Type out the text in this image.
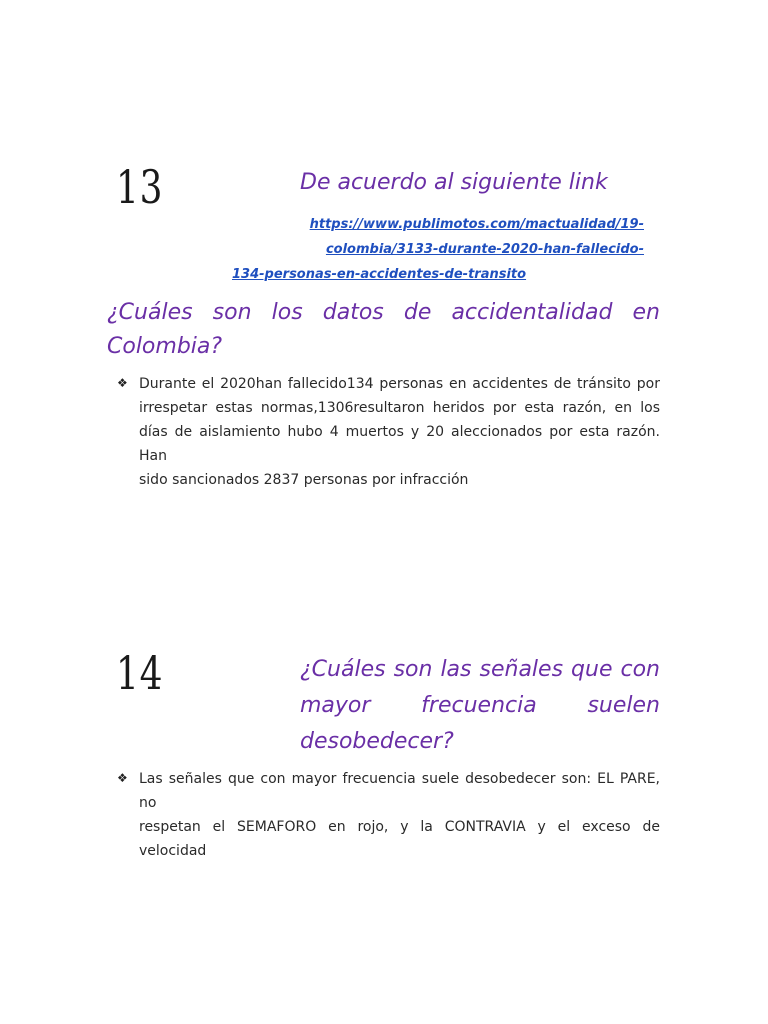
13	De acuerdo al siguiente link
https://www.publimotos.com/mactualidad/19-
colombia/3133-durante-2020-han-fallecido-
134-personas-en-accidentes-de-transito
¿Cuáles son los datos de accidentalidad en
Colombia?
❖ Durante el 2020han fallecido134 personas en accidentes de tránsito por
irrespetar estas normas,1306resultaron heridos por esta razón, en los
días de aislamiento hubo 4 muertos y 20 aleccionados por esta razón. Han
sido sancionados 2837 personas por infracción
14	¿Cuáles son las señales que con
mayor frecuencia suelen
desobedecer?
❖ Las señales que con mayor frecuencia suele desobedecer son: EL PARE, no
respetan el SEMAFORO en rojo, y la CONTRAVIA y el exceso de
velocidad
